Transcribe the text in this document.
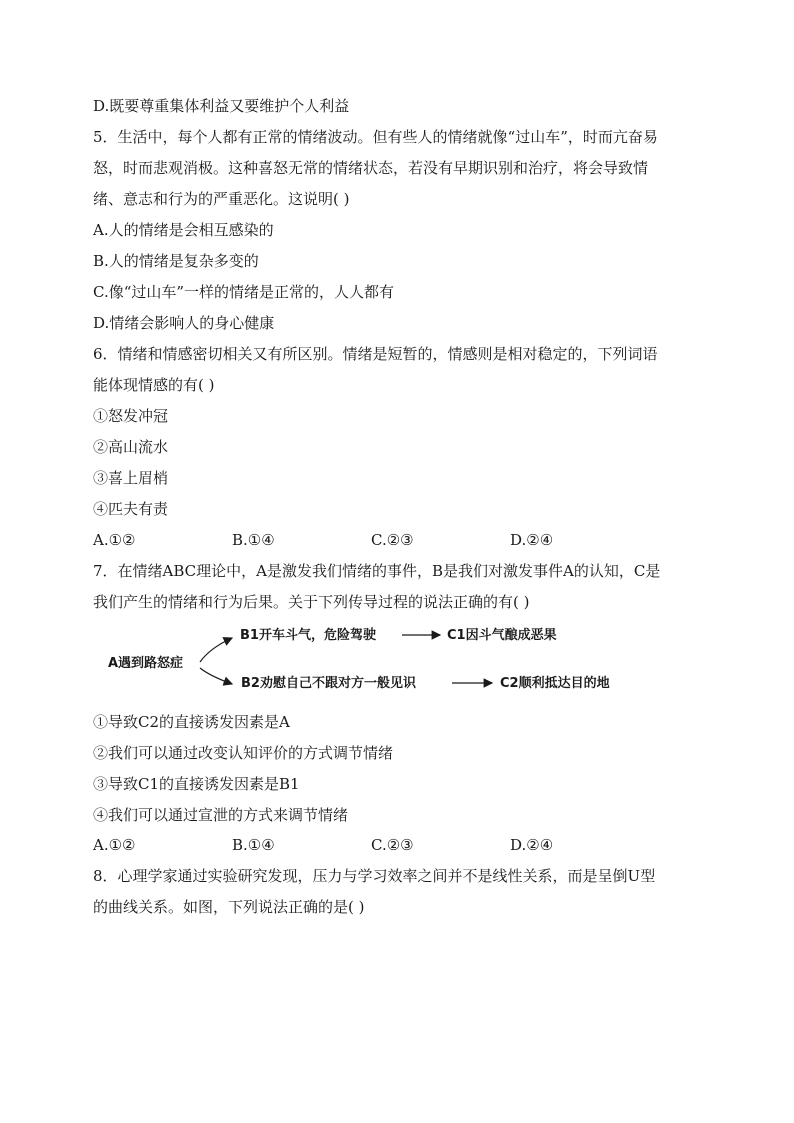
D.既要尊重集体利益又要维护个人利益
5．生活中，每个人都有正常的情绪波动。但有些人的情绪就像“过山车”，时而亢奋易
怒，时而悲观消极。这种喜怒无常的情绪状态，若没有早期识别和治疗，将会导致情
绪、意志和行为的严重恶化。这说明( )
A.人的情绪是会相互感染的
B.人的情绪是复杂多变的
C.像“过山车”一样的情绪是正常的，人人都有
D.情绪会影响人的身心健康
6．情绪和情感密切相关又有所区别。情绪是短暂的，情感则是相对稳定的，下列词语
能体现情感的有( )
①怒发冲冠
②高山流水
③喜上眉梢
④匹夫有责
A.①②	B.①④	C.②③	D.②④
7．在情绪ABC理论中，A是激发我们情绪的事件，B是我们对激发事件A的认知，C是
我们产生的情绪和行为后果。关于下列传导过程的说法正确的有( )
A遇到路怒症
B1开车斗气，危险驾驶	C1因斗气酿成恶果
B2劝慰自己不跟对方一般见识	C2顺利抵达目的地
①导致C2的直接诱发因素是A
②我们可以通过改变认知评价的方式调节情绪
③导致C1的直接诱发因素是B1
④我们可以通过宣泄的方式来调节情绪
A.①②	B.①④	C.②③	D.②④
8．心理学家通过实验研究发现，压力与学习效率之间并不是线性关系，而是呈倒U型
的曲线关系。如图，下列说法正确的是( )
